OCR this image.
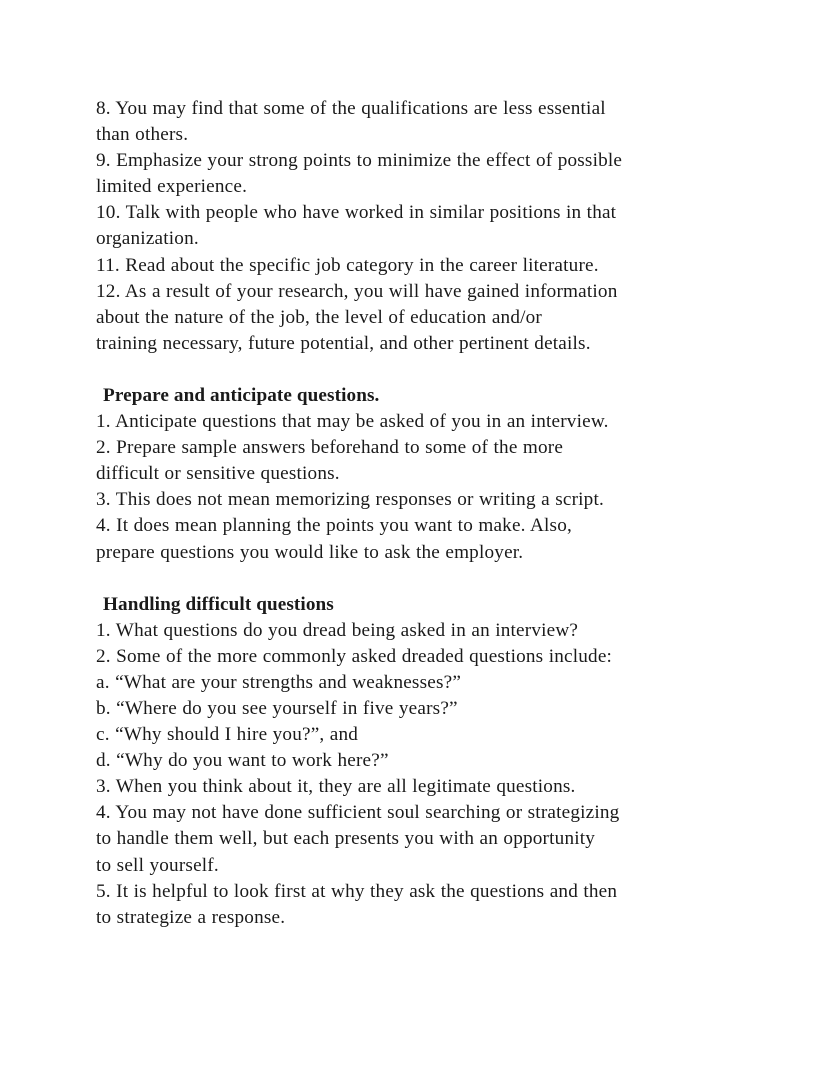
8. You may find that some of the qualifications are less essential
than others.
9. Emphasize your strong points to minimize the effect of possible
limited experience.
10. Talk with people who have worked in similar positions in that
organization.
11. Read about the specific job category in the career literature.
12. As a result of your research, you will have gained information
about the nature of the job, the level of education and/or
training necessary, future potential, and other pertinent details.
Prepare and anticipate questions.
1. Anticipate questions that may be asked of you in an interview.
2. Prepare sample answers beforehand to some of the more
difficult or sensitive questions.
3. This does not mean memorizing responses or writing a script.
4. It does mean planning the points you want to make. Also,
prepare questions you would like to ask the employer.
Handling difficult questions
1. What questions do you dread being asked in an interview?
2. Some of the more commonly asked dreaded questions include:
a. “What are your strengths and weaknesses?”
b. “Where do you see yourself in five years?”
c. “Why should I hire you?”, and
d. “Why do you want to work here?”
3. When you think about it, they are all legitimate questions.
4. You may not have done sufficient soul searching or strategizing
to handle them well, but each presents you with an opportunity
to sell yourself.
5. It is helpful to look first at why they ask the questions and then
to strategize a response.
